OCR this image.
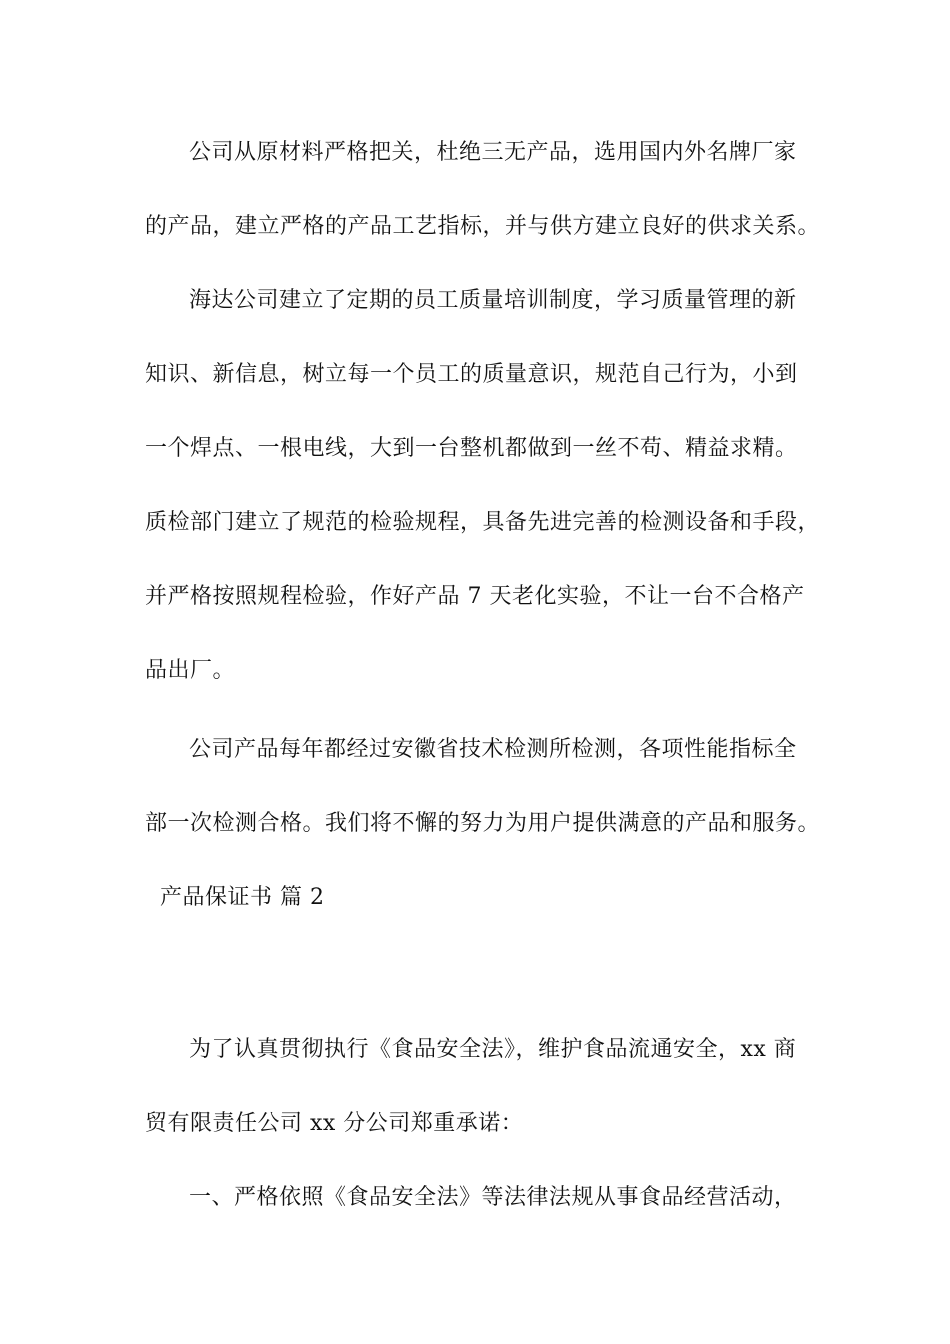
公司从原材料严格把关，杜绝三无产品，选用国内外名牌厂家
的产品，建立严格的产品工艺指标，并与供方建立良好的供求关系。
海达公司建立了定期的员工质量培训制度，学习质量管理的新
知识、新信息，树立每一个员工的质量意识，规范自己行为，小到
一个焊点、一根电线，大到一台整机都做到一丝不苟、精益求精。
质检部门建立了规范的检验规程，具备先进完善的检测设备和手段，
并严格按照规程检验，作好产品 7 天老化实验，不让一台不合格产
品出厂。
公司产品每年都经过安徽省技术检测所检测，各项性能指标全
部一次检测合格。我们将不懈的努力为用户提供满意的产品和服务。
产品保证书 篇 2
为了认真贯彻执行《食品安全法》，维护食品流通安全，xx 商
贸有限责任公司 xx 分公司郑重承诺：
一、严格依照《食品安全法》等法律法规从事食品经营活动，
